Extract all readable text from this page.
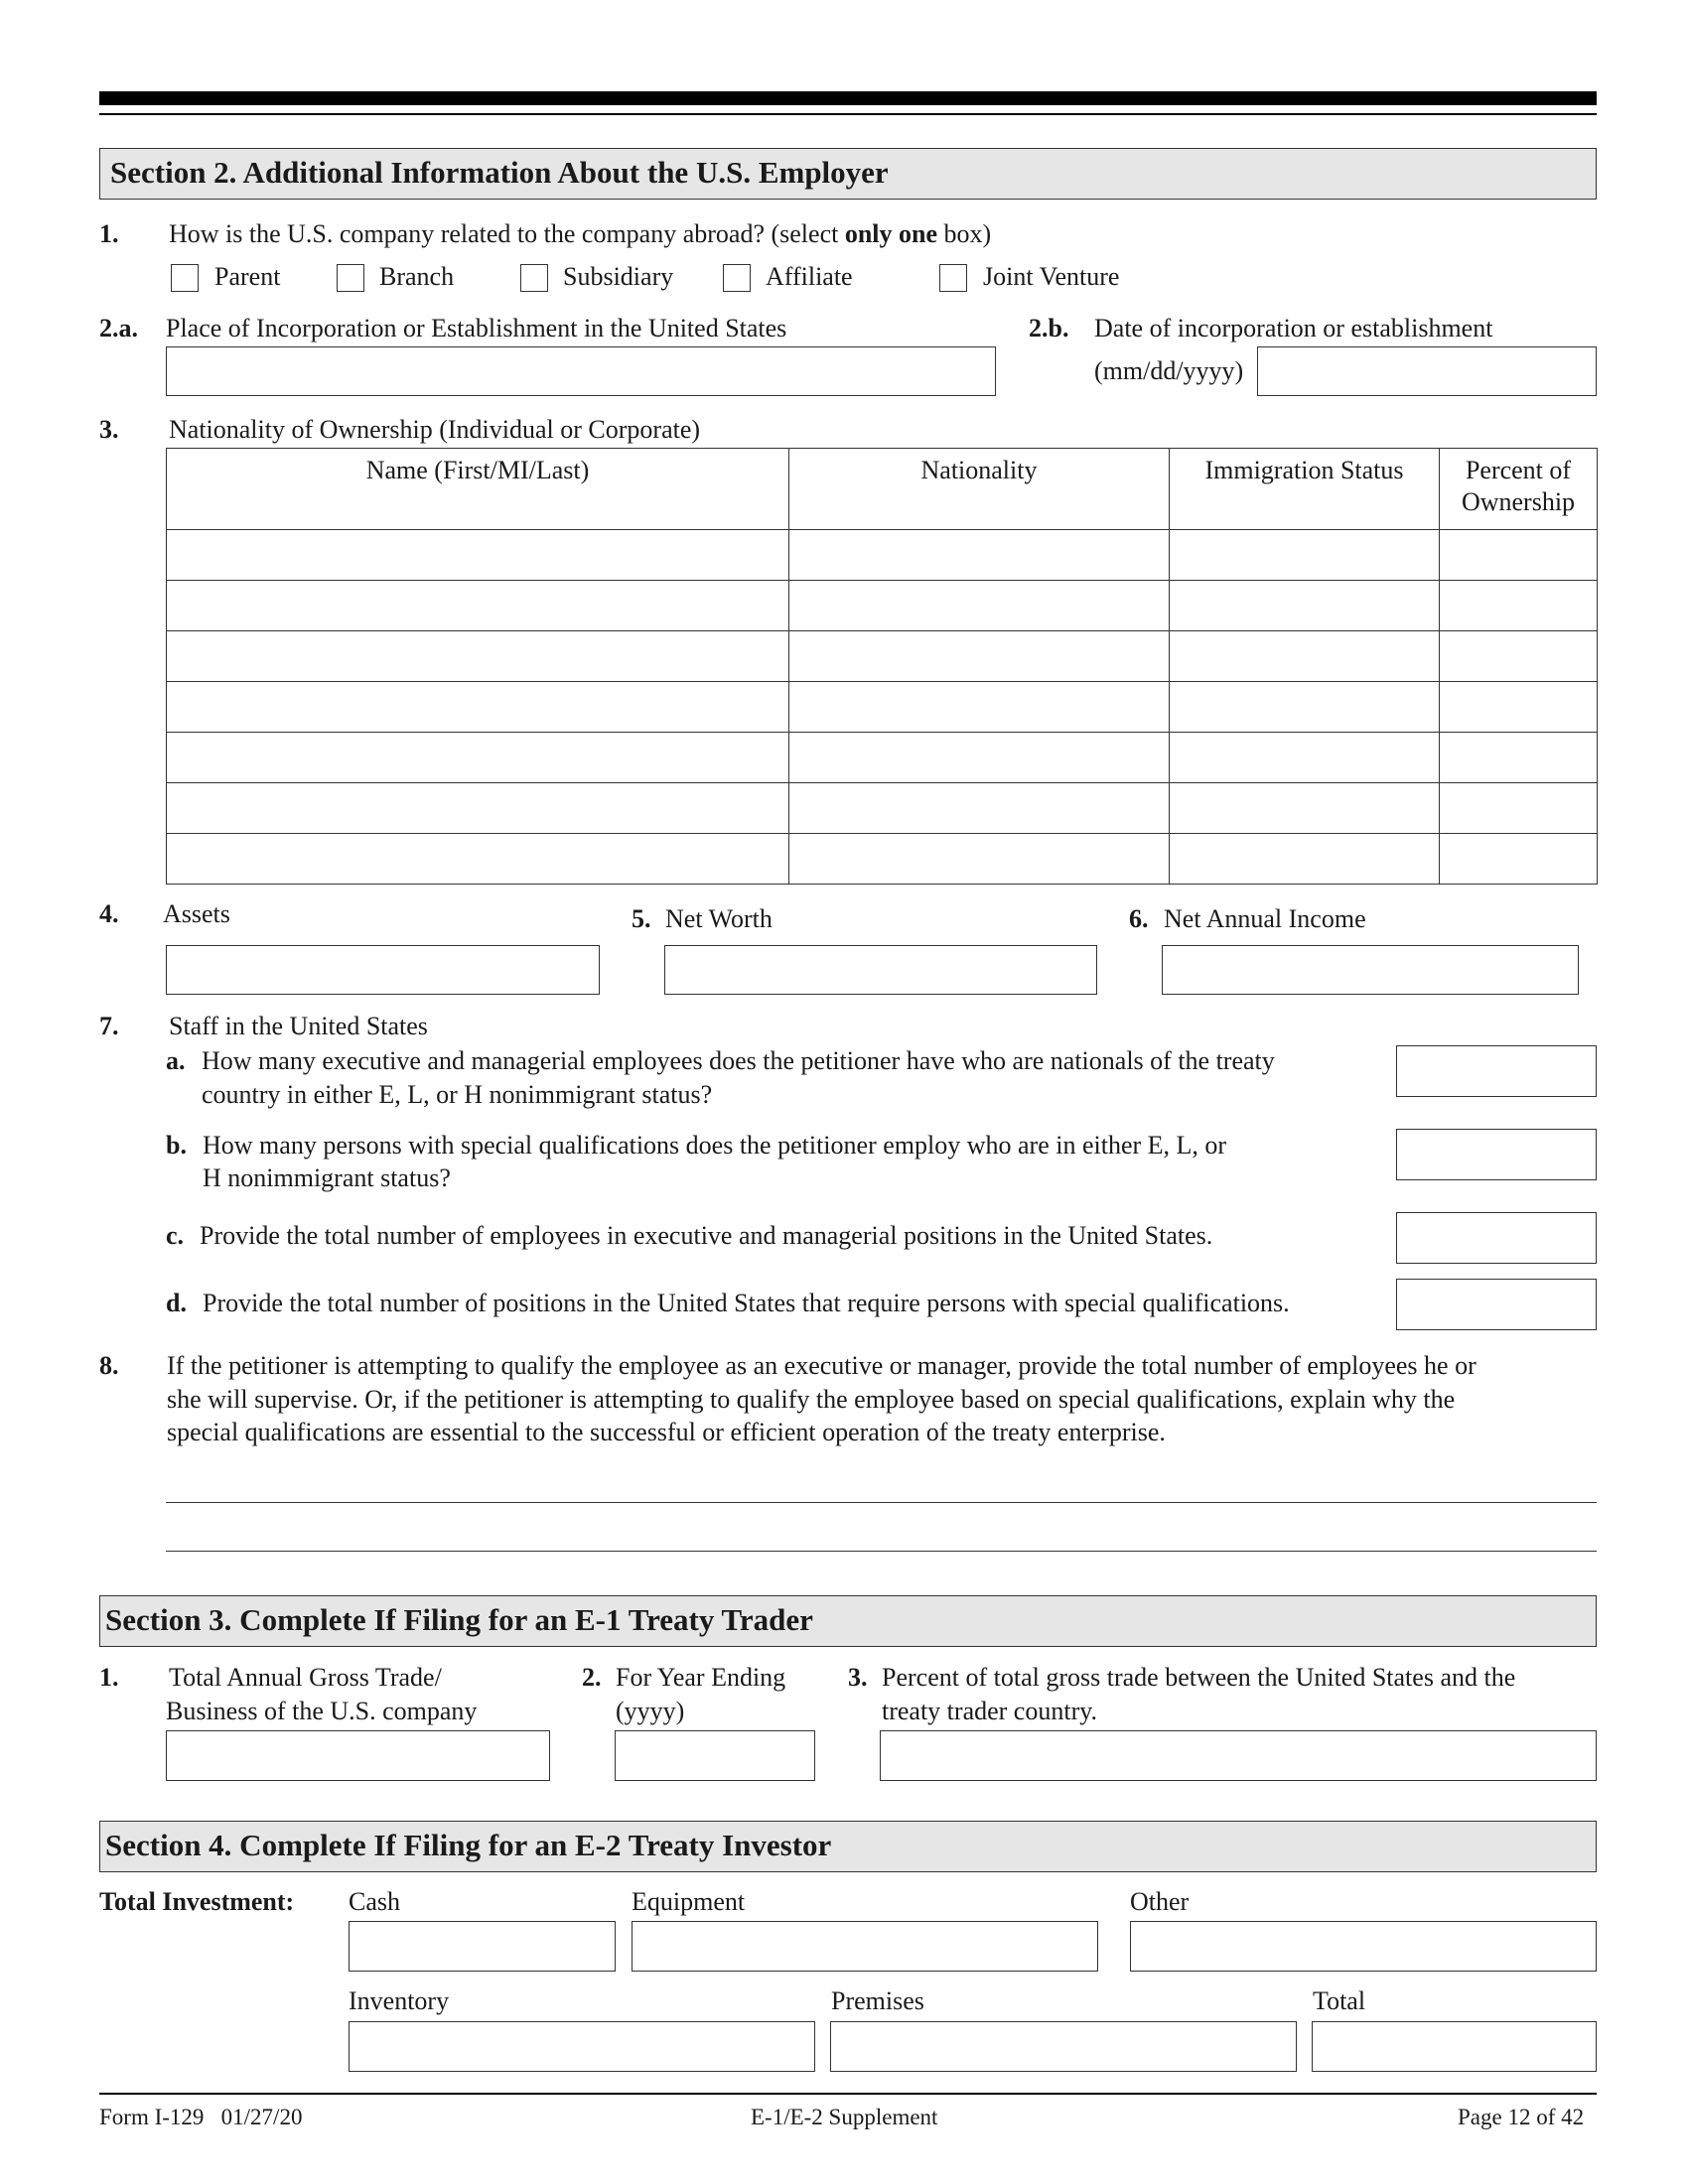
Section 2. Additional Information About the U.S. Employer
1. How is the U.S. company related to the company abroad? (select only one box)
Parent	Branch	Subsidiary	Affiliate	Joint Venture
2.a. Place of Incorporation or Establishment in the United States	2.b. Date of incorporation or establishment
(mm/dd/yyyy)
3. Nationality of Ownership (Individual or Corporate)
Name (First/MI/Last)	Nationality	Immigration Status	Percent of Ownership

4. Assets	5. Net Worth	6. Net Annual Income
7. Staff in the United States
a. How many executive and managerial employees does the petitioner have who are nationals of the treaty
country in either E, L, or H nonimmigrant status?
b. How many persons with special qualifications does the petitioner employ who are in either E, L, or
H nonimmigrant status?
c. Provide the total number of employees in executive and managerial positions in the United States.
d. Provide the total number of positions in the United States that require persons with special qualifications.
8. If the petitioner is attempting to qualify the employee as an executive or manager, provide the total number of employees he or
she will supervise. Or, if the petitioner is attempting to qualify the employee based on special qualifications, explain why the
special qualifications are essential to the successful or efficient operation of the treaty enterprise.
Section 3. Complete If Filing for an E-1 Treaty Trader
1. Total Annual Gross Trade/
Business of the U.S. company
2. For Year Ending
(yyyy)
3. Percent of total gross trade between the United States and the
treaty trader country.
Section 4. Complete If Filing for an E-2 Treaty Investor
Total Investment: Cash	Equipment	Other
Inventory	Premises	Total
Form I-129   01/27/20	E-1/E-2 Supplement	Page 12 of 42
